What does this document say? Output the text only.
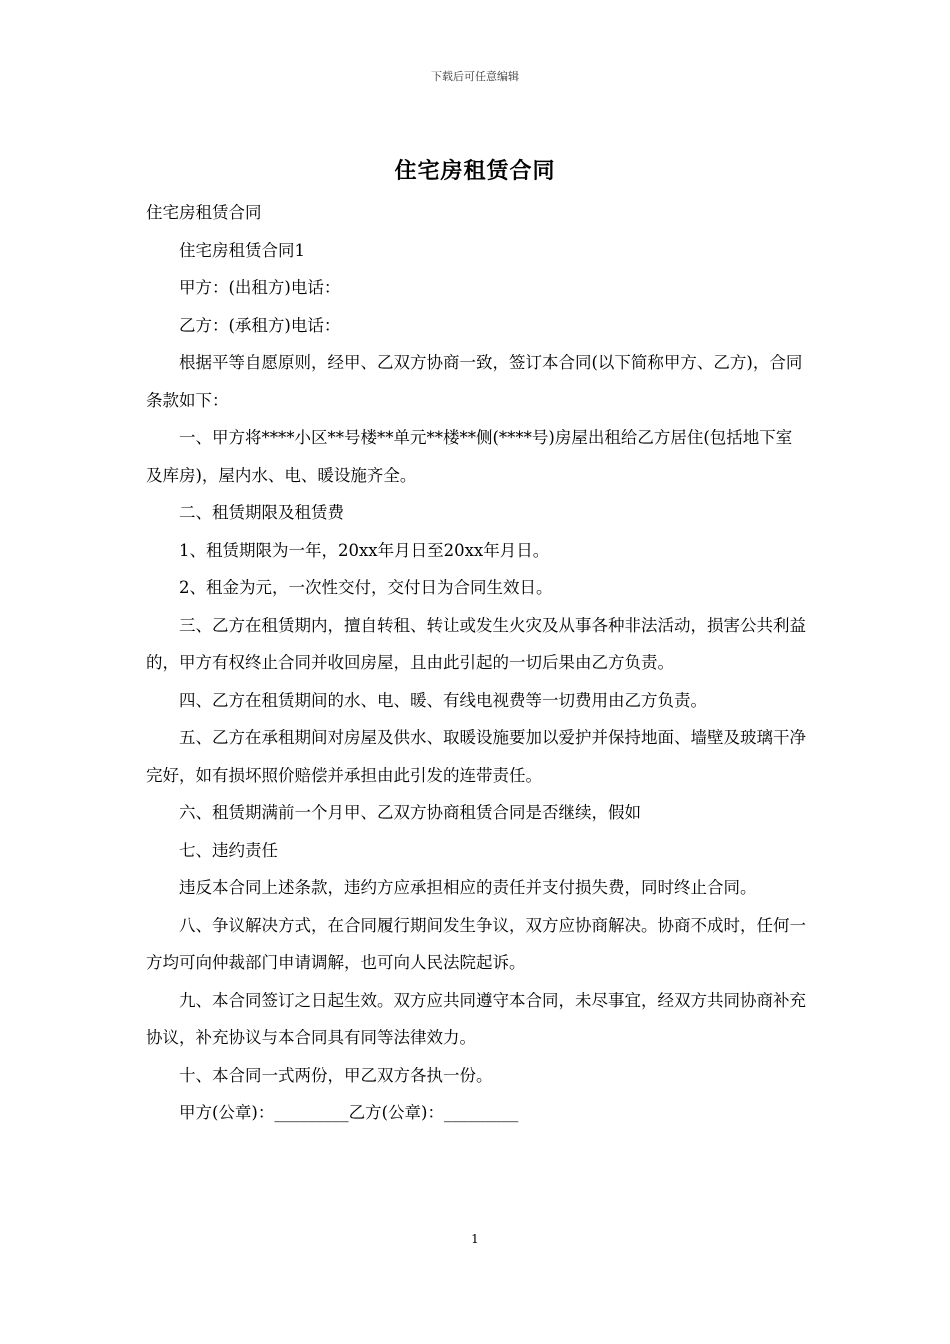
下载后可任意编辑
住宅房租赁合同

住宅房租赁合同

住宅房租赁合同1

甲方：(出租方)电话：

乙方：(承租方)电话：

根据平等自愿原则，经甲、乙双方协商一致，签订本合同(以下简称甲方、乙方)，合同条款如下：

一、甲方将****小区**号楼**单元**楼**侧(****号)房屋出租给乙方居住(包括地下室及库房)，屋内水、电、暖设施齐全。

二、租赁期限及租赁费

1、租赁期限为一年，20xx年月日至20xx年月日。

2、租金为元，一次性交付，交付日为合同生效日。

三、乙方在租赁期内，擅自转租、转让或发生火灾及从事各种非法活动，损害公共利益的，甲方有权终止合同并收回房屋，且由此引起的一切后果由乙方负责。

四、乙方在租赁期间的水、电、暖、有线电视费等一切费用由乙方负责。

五、乙方在承租期间对房屋及供水、取暖设施要加以爱护并保持地面、墙壁及玻璃干净完好，如有损坏照价赔偿并承担由此引发的连带责任。

六、租赁期满前一个月甲、乙双方协商租赁合同是否继续，假如

七、违约责任

违反本合同上述条款，违约方应承担相应的责任并支付损失费，同时终止合同。

八、争议解决方式，在合同履行期间发生争议，双方应协商解决。协商不成时，任何一方均可向仲裁部门申请调解，也可向人民法院起诉。

九、本合同签订之日起生效。双方应共同遵守本合同，未尽事宜，经双方共同协商补充协议，补充协议与本合同具有同等法律效力。

十、本合同一式两份，甲乙双方各执一份。

甲方(公章)：_________乙方(公章)：_________

1
